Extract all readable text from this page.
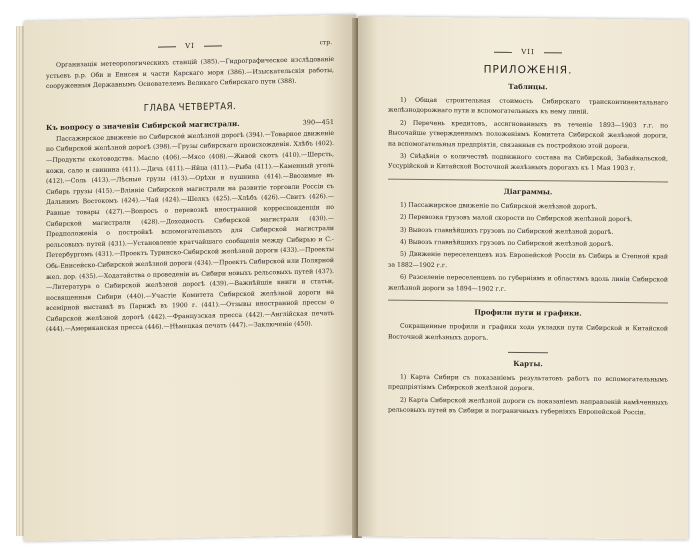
VI	стр.

Организація метеорологическихъ станцій (385).—Гидрографическое изслѣдованіе устьевъ р.р. Оби и Енисея и части Карскаго моря (386).—Изыскательскія работы, сооруженныя Державнымъ Основателемъ Великаго Сибирскаго пути (388).

ГЛАВА ЧЕТВЕРТАЯ.
Къ вопросу о значеніи Сибирской магистрали.	390—451

Пассажирское движеніе по Сибирской желѣзной дорогѣ (394).—Товарное движеніе по Сибирской желѣзной дорогѣ (398).—Грузы сибирскаго происхожденія. Хлѣбъ (402).—Продукты скотоводства. Масло (406).—Мясо (408).—Живой скотъ (410).—Шерсть, кожи, сало и свинина (411).—Дичь (411).—Яйца (411).—Рыба (411).—Каменный уголь (412).—Соль (413).—Лѣсные грузы (413).—Орѣхи и пушнина (414).—Ввозимые въ Сибирь грузы (415).—Вліяніе Сибирской магистрали на развитіе торговли Россіи съ Дальнимъ Востокомъ (424).—Чай (424).—Шелкъ (425).—Хлѣбъ (426).—Свитъ (426).—Равные товары (427).—Вопросъ о перевозкѣ иностранной корреспонденціи по Сибирской магистрали (428).—Доходность Сибирской магистрали (430).—Предположенія о постройкѣ вспомогательныхъ для Сибирской магистрали рельсовыхъ путей (431).—Установленіе кратчайшаго сообщенія между Сибирью и С.-Петербургомъ (431).—Проектъ Туринско-Сибирской желѣзной дороги (433).—Проекты Обь-Енисейско-Сибирской желѣзной дороги (434).—Проектъ Сибирской или Полярной жел. дор. (435).—Ходатайства о проведеніи въ Сибири новыхъ рельсовыхъ путей (437).—Литература о Сибирской желѣзной дорогѣ (439).—Важнѣйшія книги и статьи, посвященныя Сибири (440).—Участіе Комитета Сибирской желѣзной дороги на всемірной выставкѣ въ Парижѣ въ 1900 г. (441).—Отзывы иностранной прессы о Сибирской желѣзной дорогѣ (442).—Французская пресса (442).—Англійская печать (444).—Американская пресса (446).—Нѣмецкая печать (447).—Заключеніе (450).

VII
ПРИЛОЖЕНІЯ.
Таблицы.

1) Общая строительная стоимость Сибирскаго трансконтинентальнаго желѣзнодорожнаго пути и вспомогательныхъ къ нему линій.

2) Перечень кредитовъ, ассигнованныхъ въ теченіе 1893—1903 г.г. по Высочайше утвержденнымъ положеніямъ Комитета Сибирской желѣзной дороги, на вспомогательныя предпріятія, связанныя съ постройкою этой дороги.

3) Свѣдѣнія о количествѣ подвижного состава на Сибирской, Забайкальской, Уссурійской и Китайской Восточной желѣзныхъ дорогахъ къ 1 Мая 1903 г.

Діаграммы.

1) Пассажирское движеніе по Сибирской желѣзной дорогѣ.

2) Перевозка грузовъ малой скорости по Сибирской желѣзной дорогѣ.

3) Вывозъ главнѣйшихъ грузовъ по Сибирской желѣзной дорогѣ.

4) Вывозъ главнѣйшихъ грузовъ по Сибирской желѣзной дорогѣ.

5) Движеніе переселенцевъ изъ Европейской Россіи въ Сибирь и Степной край за 1882—1902 г.г.

6) Разселеніе переселенцевъ по губерніямъ и областямъ вдоль линіи Сибирской желѣзной дороги за 1894—1902 г.г.

Профили пути и графики.

Сокращенные профили и графики хода укладки пути Сибирской и Китайской Восточной желѣзныхъ дорогъ.

Карты.

1) Карта Сибири съ показаніемъ результатовъ работъ по вспомогательнымъ предпріятіямъ Сибирской желѣзной дороги.

2) Карта Сибирской желѣзной дороги съ показаніемъ направленій намѣченныхъ рельсовыхъ путей въ Сибири и пограничныхъ губерніяхъ Европейской Россіи.
